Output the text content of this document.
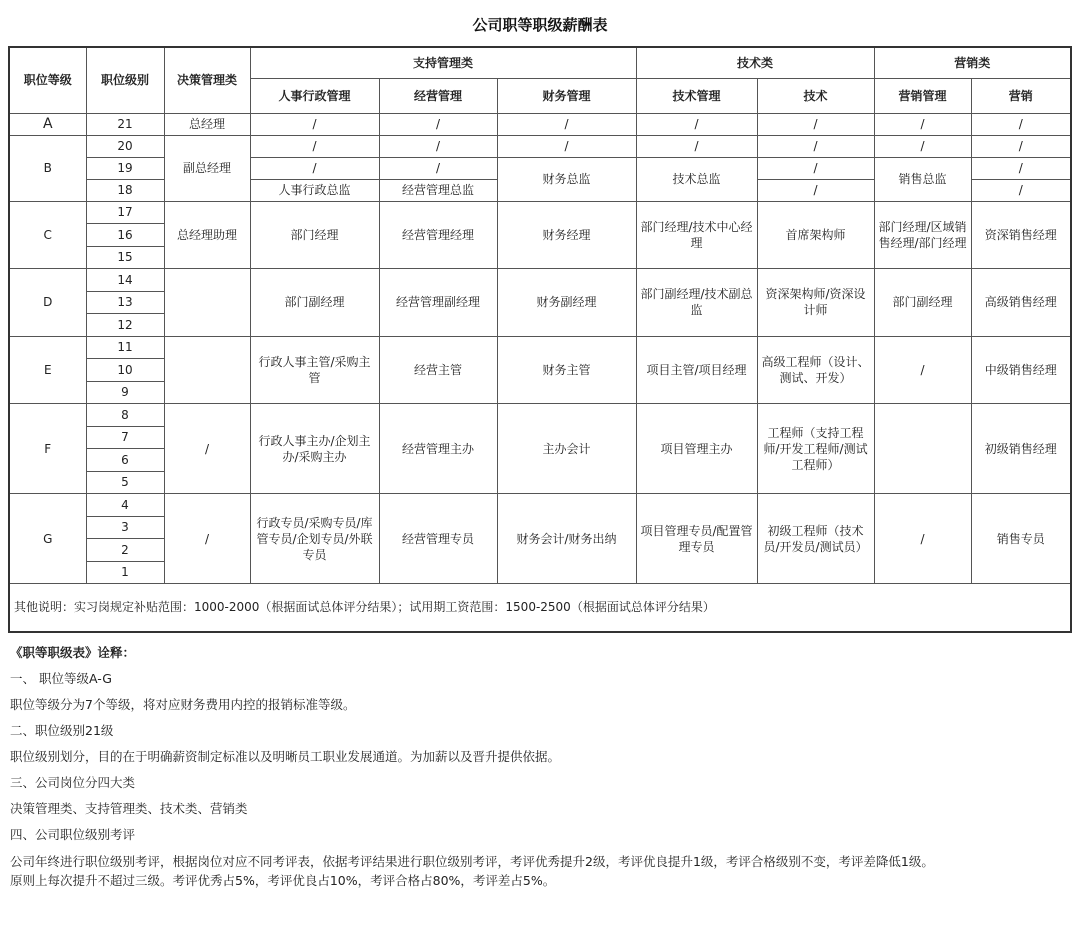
公司职等职级薪酬表
职位等级	职位级别	决策管理类	支持管理类			技术类		营销类	
			人事行政管理	经营管理	财务管理	技术管理	技术	营销管理	营销
A	21	总经理	/	/	/	/	/	/	/
B	20	副总经理	/	/	/	/	/	/	/
	19		/	/	财务总监	技术总监	/	销售总监	/
	18		人事行政总监	经营管理总监			/		/
C	17	总经理助理	部门经理	经营管理经理	财务经理	部门经理/技术中心经理	首席架构师	部门经理/区域销售经理/部门经理	资深销售经理
	16								
	15								
D	14		部门副经理	经营管理副经理	财务副经理	部门副经理/技术副总监	资深架构师/资深设计师	部门副经理	高级销售经理
	13								
	12								
E	11		行政人事主管/采购主管	经营主管	财务主管	项目主管/项目经理	高级工程师（设计、测试、开发）	/	中级销售经理
	10								
	9								
F	8	/	行政人事主办/企划主办/采购主办	经营管理主办	主办会计	项目管理主办	工程师（支持工程师/开发工程师/测试工程师）		初级销售经理
	7								
	6								
	5								
G	4	/	行政专员/采购专员/库管专员/企划专员/外联专员	经营管理专员	财务会计/财务出纳	项目管理专员/配置管理专员	初级工程师（技术员/开发员/测试员）	/	销售专员
	3								
	2								
	1								
其他说明：实习岗规定补贴范围：1000-2000（根据面试总体评分结果）；试用期工资范围：1500-2500（根据面试总体评分结果）									
《职等职级表》诠释：
一、 职位等级A-G
职位等级分为7个等级，将对应财务费用内控的报销标准等级。
二、职位级别21级
职位级别划分，目的在于明确薪资制定标准以及明晰员工职业发展通道。为加薪以及晋升提供依据。
三、公司岗位分四大类
决策管理类、支持管理类、技术类、营销类
四、公司职位级别考评
公司年终进行职位级别考评，根据岗位对应不同考评表，依据考评结果进行职位级别考评，考评优秀提升2级，考评优良提升1级，考评合格级别不变，考评差降低1级。
原则上每次提升不超过三级。考评优秀占5%，考评优良占10%，考评合格占80%，考评差占5%。
